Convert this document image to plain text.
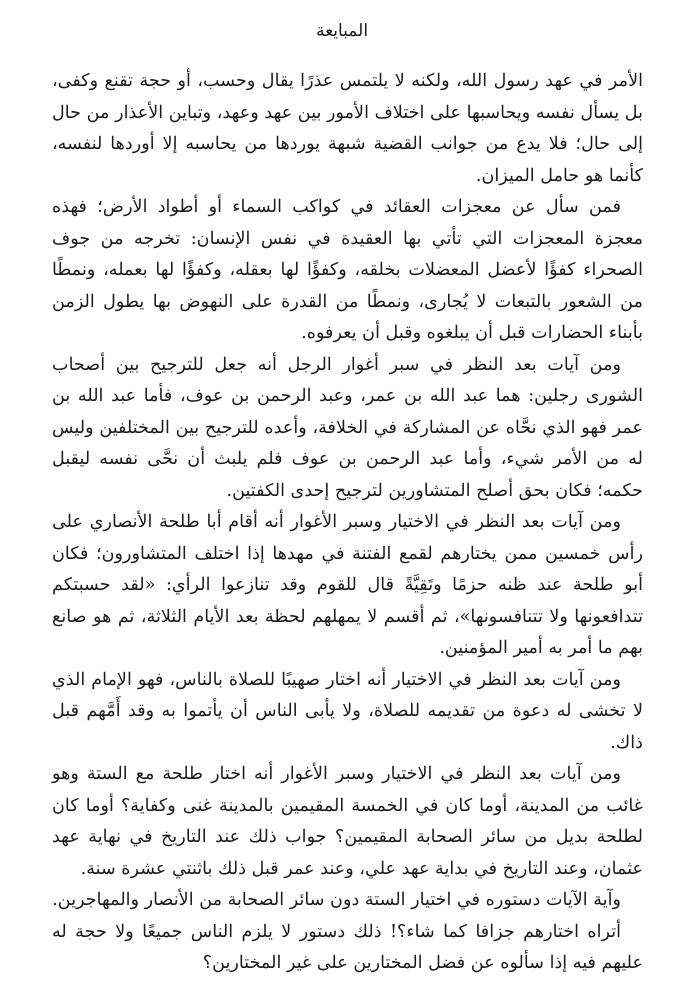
المبايعة

الأمر في عهد رسول الله، ولكنه لا يلتمس عذرًا يقال وحسب، أو حجة تقنع وكفى، بل يسأل نفسه ويحاسبها على اختلاف الأمور بين عهد وعهد، وتباين الأعذار من حال إلى حال؛ فلا يدع من جوانب القضية شبهة يوردها من يحاسبه إلا أوردها لنفسه، كأنما هو حامل الميزان.

فمن سأل عن معجزات العقائد في كواكب السماء أو أطواد الأرض؛ فهذه معجزة المعجزات التي تأتي بها العقيدة في نفس الإنسان: تخرجه من جوف الصحراء كفؤًا لأعضل المعضلات بخلقه، وكفؤًا لها بعقله، وكفؤًا لها بعمله، ونمطًا من الشعور بالتبعات لا يُجارى، ونمطًا من القدرة على النهوض بها يطول الزمن بأبناء الحضارات قبل أن يبلغوه وقبل أن يعرفوه.

ومن آيات بعد النظر في سبر أغوار الرجل أنه جعل للترجيح بين أصحاب الشورى رجلين: هما عبد الله بن عمر، وعبد الرحمن بن عوف، فأما عبد الله بن عمر فهو الذي نحَّاه عن المشاركة في الخلافة، وأعده للترجيح بين المختلفين وليس له من الأمر شيء، وأما عبد الرحمن بن عوف فلم يلبث أن نحَّى نفسه ليقبل حكمه؛ فكان بحق أصلح المتشاورين لترجيح إحدى الكفتين.

ومن آيات بعد النظر في الاختيار وسبر الأغوار أنه أقام أبا طلحة الأنصاري على رأس خمسين ممن يختارهم لقمع الفتنة في مهدها إذا اختلف المتشاورون؛ فكان أبو طلحة عند ظنه حزمًا وتَقِيَّةً قال للقوم وقد تنازعوا الرأي: «لقد حسبتكم تتدافعونها ولا تتنافسونها»، ثم أقسم لا يمهلهم لحظة بعد الأيام الثلاثة، ثم هو صانع بهم ما أمر به أمير المؤمنين.

ومن آيات بعد النظر في الاختيار أنه اختار صهيبًا للصلاة بالناس، فهو الإمام الذي لا تخشى له دعوة من تقديمه للصلاة، ولا يأبى الناس أن يأتموا به وقد أَمَّهم قبل ذاك.

ومن آيات بعد النظر في الاختيار وسبر الأغوار أنه اختار طلحة مع الستة وهو غائب من المدينة، أوما كان في الخمسة المقيمين بالمدينة غنى وكفاية؟ أوما كان لطلحة بديل من سائر الصحابة المقيمين؟ جواب ذلك عند التاريخ في نهاية عهد عثمان، وعند التاريخ في بداية عهد علي، وعند عمر قبل ذلك باثنتي عشرة سنة.

وآية الآيات دستوره في اختيار الستة دون سائر الصحابة من الأنصار والمهاجرين.

أتراه اختارهم جزافا كما شاء؟! ذلك دستور لا يلزم الناس جميعًا ولا حجة له عليهم فيه إذا سألوه عن فضل المختارين على غير المختارين؟
